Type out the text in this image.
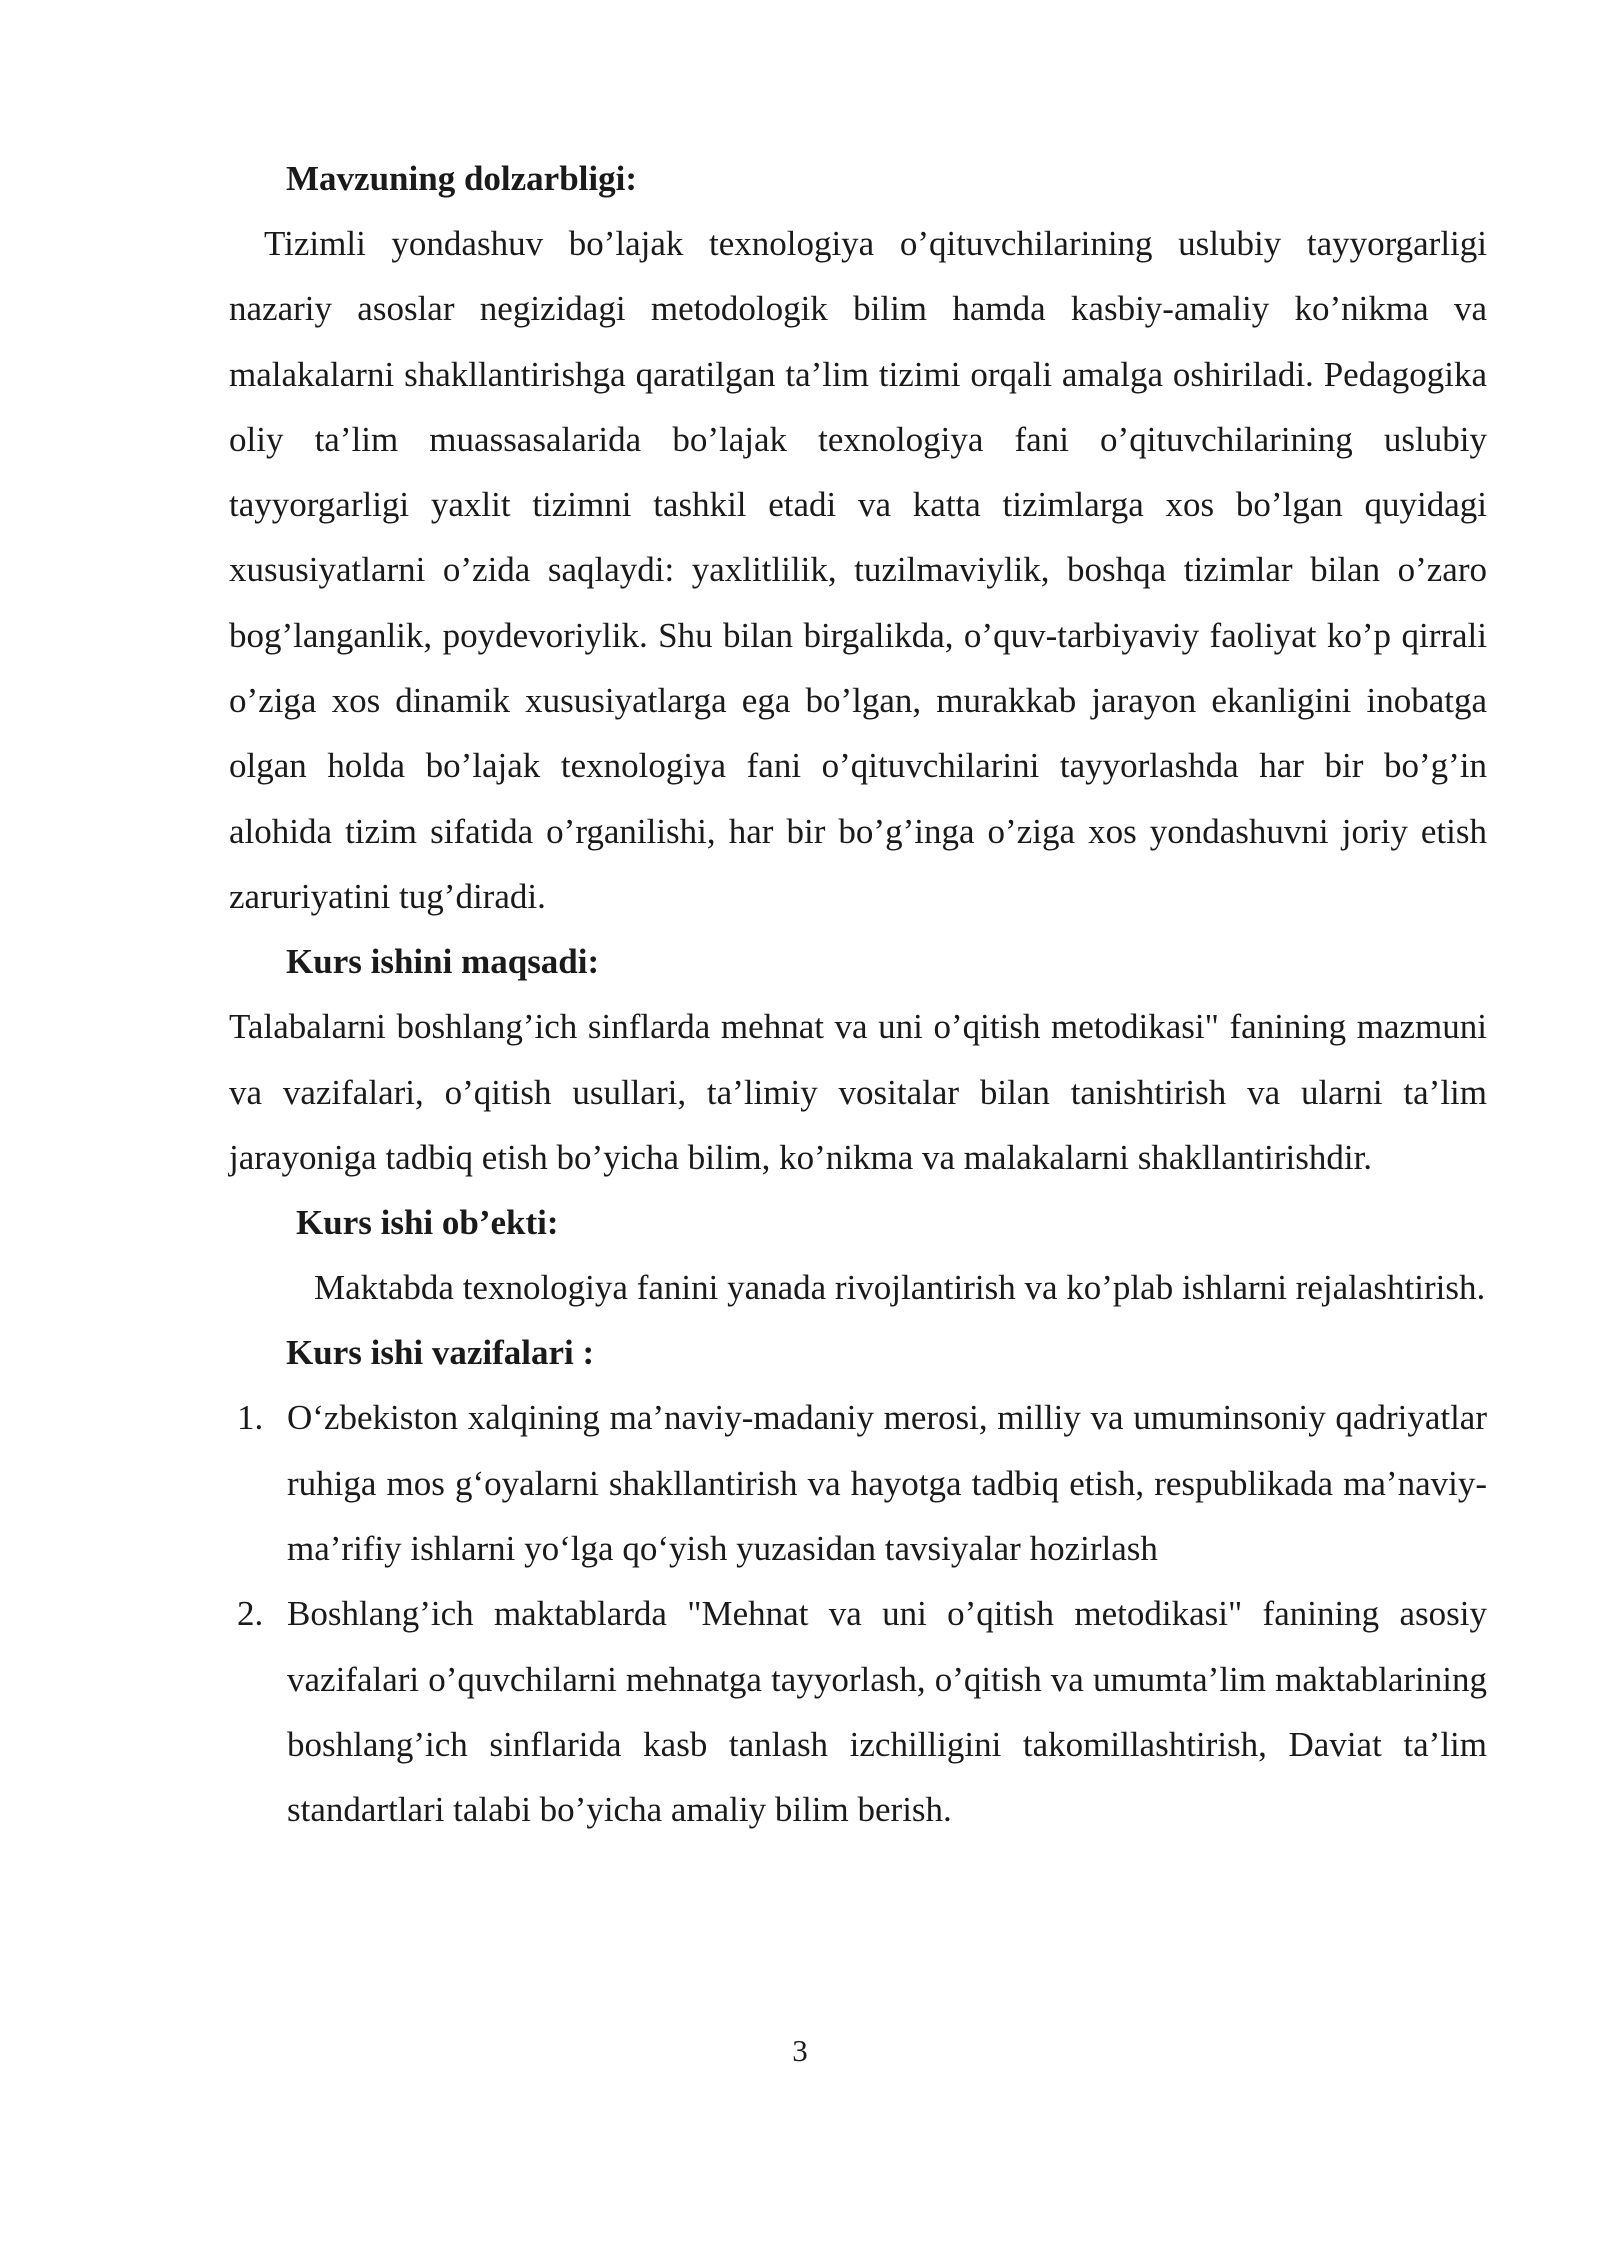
Mavzuning dolzarbligi:

Tizimli yondashuv bo’lajak texnologiya o’qituvchilarining uslubiy tayyorgarligi nazariy asoslar negizidagi metodologik bilim hamda kasbiy-amaliy ko’nikma va malakalarni shakllantirishga qaratilgan ta’lim tizimi orqali amalga oshiriladi. Pedagogika oliy ta’lim muassasalarida bo’lajak texnologiya fani o’qituvchilarining uslubiy tayyorgarligi yaxlit tizimni tashkil etadi va katta tizimlarga xos bo’lgan quyidagi xususiyatlarni o’zida saqlaydi: yaxlitlilik, tuzilmaviylik, boshqa tizimlar bilan o’zaro bog’langanlik, poydevoriylik. Shu bilan birgalikda, o’quv-tarbiyaviy faoliyat ko’p qirrali o’ziga xos dinamik xususiyatlarga ega bo’lgan, murakkab jarayon ekanligini inobatga olgan holda bo’lajak texnologiya fani o’qituvchilarini tayyorlashda har bir bo’g’in alohida tizim sifatida o’rganilishi, har bir bo’g’inga o’ziga xos yondashuvni joriy etish zaruriyatini tug’diradi.

Kurs ishini maqsadi:

Talabalarni boshlang’ich sinflarda mehnat va uni o’qitish metodikasi" fanining mazmuni va vazifalari, o’qitish usullari, ta’limiy vositalar bilan tanishtirish va ularni ta’lim jarayoniga tadbiq etish bo’yicha bilim, ko’nikma va malakalarni shakllantirishdir.

Kurs ishi ob’ekti:

Maktabda texnologiya fanini yanada rivojlantirish va ko’plab ishlarni rejalashtirish.

Kurs ishi vazifalari :
1. O‘zbekiston xalqining ma’naviy-madaniy merosi, milliy va umuminsoniy qadriyatlar ruhiga mos g‘oyalarni shakllantirish va hayotga tadbiq etish, respublikada ma’naviy-ma’rifiy ishlarni yo‘lga qo‘yish yuzasidan tavsiyalar hozirlash
2. Boshlang’ich maktablarda "Mehnat va uni o’qitish metodikasi" fanining asosiy vazifalari o’quvchilarni mehnatga tayyorlash, o’qitish va umumta’lim maktablarining boshlang’ich sinflarida kasb tanlash izchilligini takomillashtirish, Daviat ta’lim standartlari talabi bo’yicha amaliy bilim berish.
3
